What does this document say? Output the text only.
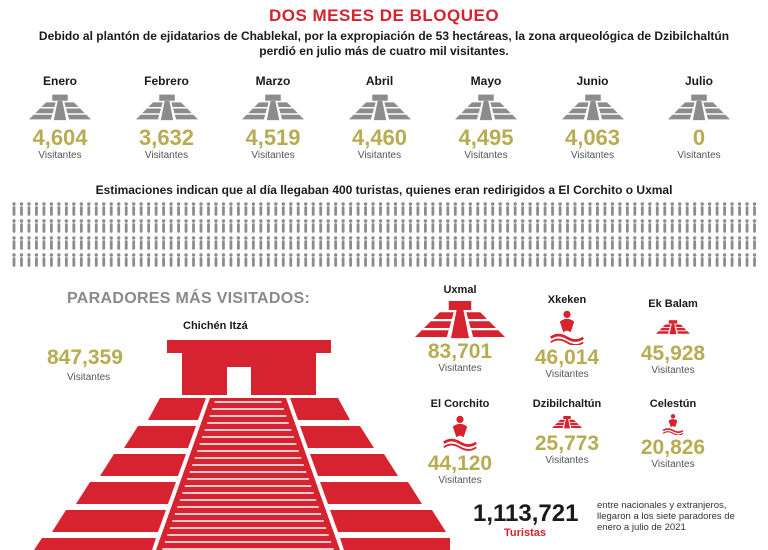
DOS MESES DE BLOQUEO
Debido al plantón de ejidatarios de Chablekal, por la expropiación de 53 hectáreas, la zona arqueológica de Dzibilchaltún perdió en julio más de cuatro mil visitantes.
Enero
4,604
Visitantes
Febrero
3,632
Visitantes
Marzo
4,519
Visitantes
Abril
4,460
Visitantes
Mayo
4,495
Visitantes
Junio
4,063
Visitantes
Julio
0
Visitantes
Estimaciones indican que al día llegaban 400 turistas, quienes eran redirigidos a El Corchito o Uxmal
PARADORES MÁS VISITADOS:
Chichén Itzá
847,359
Visitantes
Uxmal
83,701
Visitantes
Xkeken
46,014
Visitantes
Ek Balam
45,928
Visitantes
El Corchito
44,120
Visitantes
Dzibilchaltún
25,773
Visitantes
Celestún
20,826
Visitantes
1,113,721
Turistas
entre nacionales y extranjeros, llegaron a los siete paradores de enero a julio de 2021
